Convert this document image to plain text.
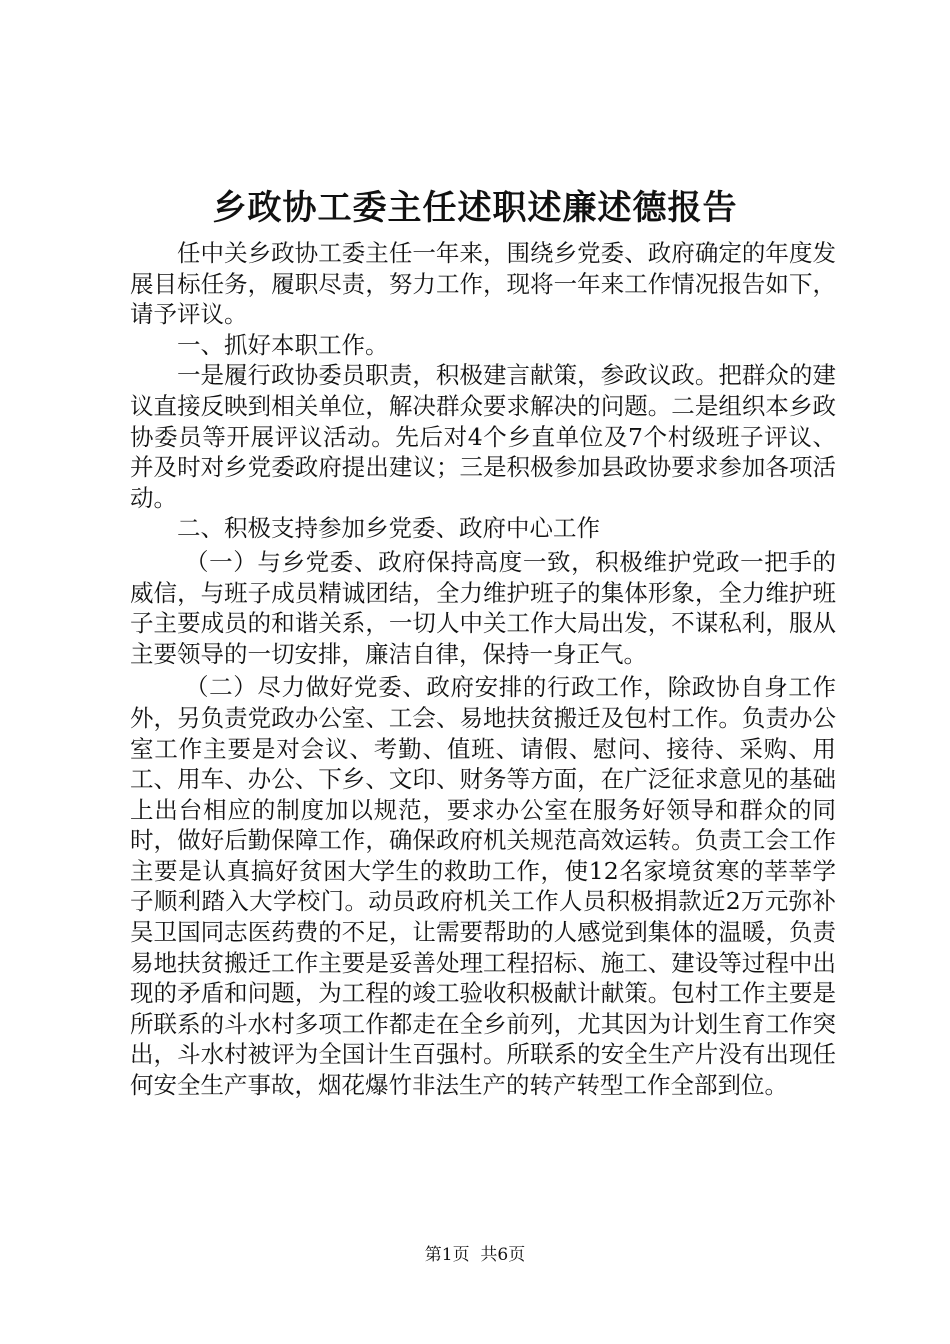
乡政协工委主任述职述廉述德报告

任中关乡政协工委主任一年来，围绕乡党委、政府确定的年度发展目标任务，履职尽责，努力工作，现将一年来工作情况报告如下，请予评议。

一、抓好本职工作。

一是履行政协委员职责，积极建言献策，参政议政。把群众的建议直接反映到相关单位，解决群众要求解决的问题。二是组织本乡政协委员等开展评议活动。先后对4个乡直单位及7个村级班子评议、并及时对乡党委政府提出建议；三是积极参加县政协要求参加各项活动。

二、积极支持参加乡党委、政府中心工作

（一）与乡党委、政府保持高度一致，积极维护党政一把手的威信，与班子成员精诚团结，全力维护班子的集体形象，全力维护班子主要成员的和谐关系，一切人中关工作大局出发，不谋私利，服从主要领导的一切安排，廉洁自律，保持一身正气。

（二）尽力做好党委、政府安排的行政工作，除政协自身工作外，另负责党政办公室、工会、易地扶贫搬迁及包村工作。负责办公室工作主要是对会议、考勤、值班、请假、慰问、接待、采购、用工、用车、办公、下乡、文印、财务等方面，在广泛征求意见的基础上出台相应的制度加以规范，要求办公室在服务好领导和群众的同时，做好后勤保障工作，确保政府机关规范高效运转。负责工会工作主要是认真搞好贫困大学生的救助工作，使12名家境贫寒的莘莘学子顺利踏入大学校门。动员政府机关工作人员积极捐款近2万元弥补吴卫国同志医药费的不足，让需要帮助的人感觉到集体的温暖，负责易地扶贫搬迁工作主要是妥善处理工程招标、施工、建设等过程中出现的矛盾和问题，为工程的竣工验收积极献计献策。包村工作主要是所联系的斗水村多项工作都走在全乡前列，尤其因为计划生育工作突出，斗水村被评为全国计生百强村。所联系的安全生产片没有出现任何安全生产事故，烟花爆竹非法生产的转产转型工作全部到位。

第1页 共6页
